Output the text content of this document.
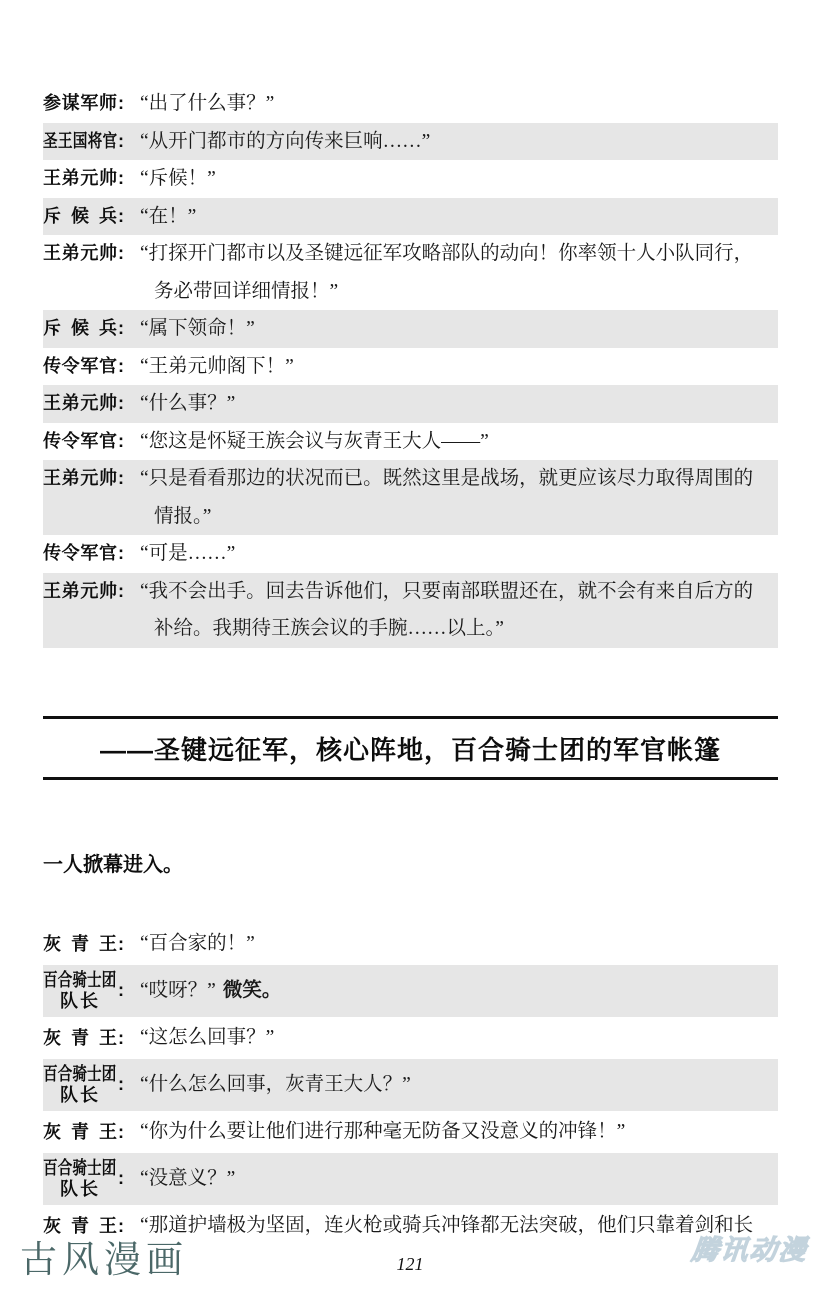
参谋军师 : “出了什么事？”
圣王国将官 : “从开门都市的方向传来巨响……”
王弟元帅 : “斥候！”
斥候兵 : “在！”
王弟元帅 : “打探开门都市以及圣键远征军攻略部队的动向！你率领十人小队同行，务必带回详细情报！”
斥候兵 : “属下领命！”
传令军官 : “王弟元帅阁下！”
王弟元帅 : “什么事？”
传令军官 : “您这是怀疑王族会议与灰青王大人——”
王弟元帅 : “只是看看那边的状况而已。既然这里是战场，就更应该尽力取得周围的情报。”
传令军官 : “可是……”
王弟元帅 : “我不会出手。回去告诉他们，只要南部联盟还在，就不会有来自后方的补给。我期待王族会议的手腕……以上。”
——圣键远征军，核心阵地，百合骑士团的军官帐篷
一人掀幕进入。
灰青王 : “百合家的！”
百合骑士团
队长
: “哎呀？” 微笑。
灰青王 : “这怎么回事？”
百合骑士团
队长
: “什么怎么回事，灰青王大人？”
灰青王 : “你为什么要让他们进行那种毫无防备又没意义的冲锋！”
百合骑士团
队长
: “没意义？”
灰青王 : “那道护墙极为坚固，连火枪或骑兵冲锋都无法突破，他们只靠着剑和长
古风漫画	121	腾讯动漫
